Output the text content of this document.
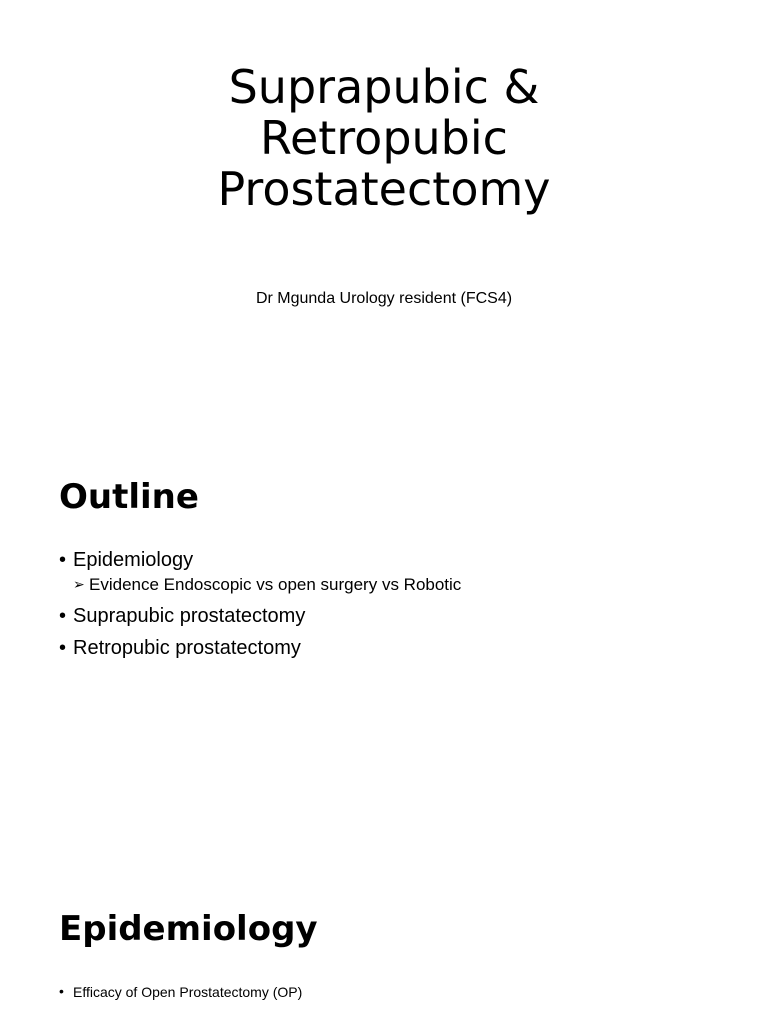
Suprapubic &
Retropubic
Prostatectomy

Dr Mgunda Urology resident (FCS4)

Outline
• Epidemiology
➢ Evidence Endoscopic vs open surgery vs Robotic
• Suprapubic prostatectomy
• Retropubic prostatectomy
Epidemiology

• Efficacy of Open Prostatectomy (OP)
